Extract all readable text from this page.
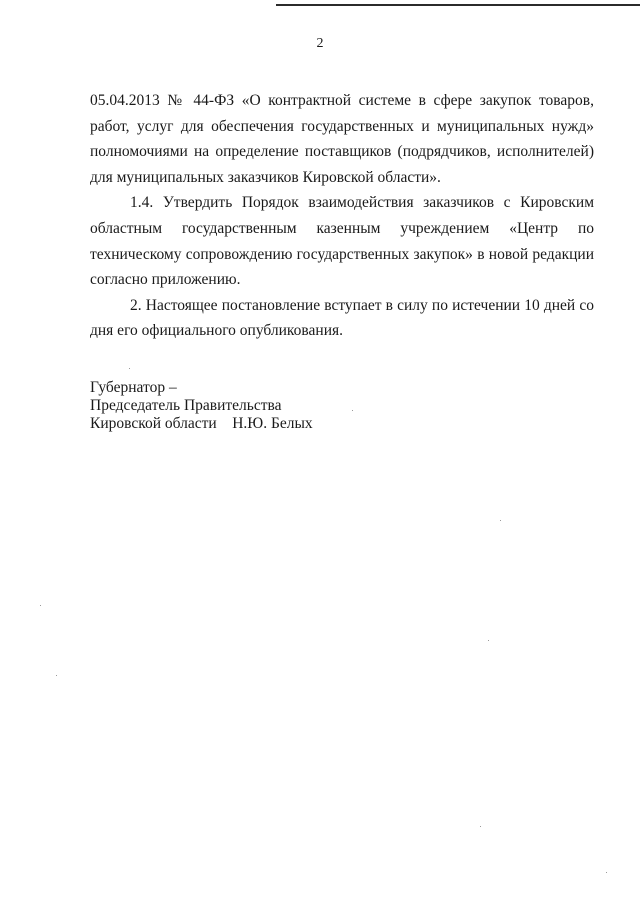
2

05.04.2013 № 44-ФЗ «О контрактной системе в сфере закупок товаров, работ, услуг для обеспечения государственных и муниципальных нужд» полномочиями на определение поставщиков (подрядчиков, исполнителей) для муниципальных заказчиков Кировской области».

1.4. Утвердить Порядок взаимодействия заказчиков с Кировским областным государственным казенным учреждением «Центр по техническому сопровождению государственных закупок» в новой редакции согласно приложению.

2. Настоящее постановление вступает в силу по истечении 10 дней со дня его официального опубликования.

Губернатор –
Председатель Правительства
Кировской области    Н.Ю. Белых
